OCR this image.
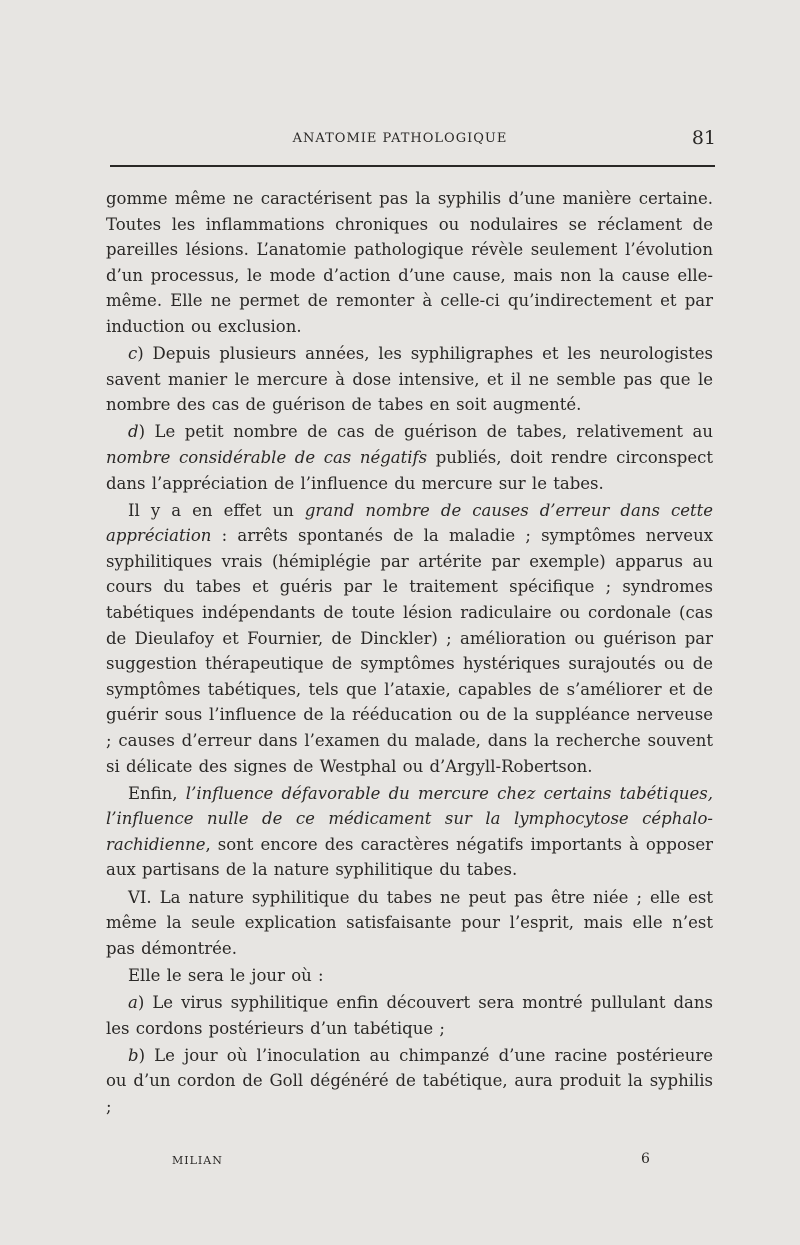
ANATOMIE PATHOLOGIQUE	81

gomme même ne caractérisent pas la syphilis d’une manière certaine. Toutes les inflammations chroniques ou nodulaires se réclament de pareilles lésions. L’anatomie pathologique révèle seulement l’évolution d’un processus, le mode d’action d’une cause, mais non la cause elle-même. Elle ne permet de remonter à celle-ci qu’indirectement et par induction ou exclusion.

c) Depuis plusieurs années, les syphiligraphes et les neurologistes savent manier le mercure à dose intensive, et il ne semble pas que le nombre des cas de guérison de tabes en soit augmenté.

d) Le petit nombre de cas de guérison de tabes, relativement au nombre considérable de cas négatifs publiés, doit rendre circonspect dans l’appréciation de l’influence du mercure sur le tabes.

Il y a en effet un grand nombre de causes d’erreur dans cette appréciation : arrêts spontanés de la maladie ; symptômes nerveux syphilitiques vrais (hémiplégie par artérite par exemple) apparus au cours du tabes et guéris par le traitement spécifique ; syndromes tabétiques indépendants de toute lésion radiculaire ou cordonale (cas de Dieulafoy et Fournier, de Dinckler) ; amélioration ou guérison par suggestion thérapeutique de symptômes hystériques surajoutés ou de symptômes tabétiques, tels que l’ataxie, capables de s’améliorer et de guérir sous l’influence de la rééducation ou de la suppléance nerveuse ; causes d’erreur dans l’examen du malade, dans la recherche souvent si délicate des signes de Westphal ou d’Argyll-Robertson.

Enfin, l’influence défavorable du mercure chez certains tabétiques, l’influence nulle de ce médicament sur la lymphocytose céphalo-rachidienne, sont encore des caractères négatifs importants à opposer aux partisans de la nature syphilitique du tabes.

VI. La nature syphilitique du tabes ne peut pas être niée ; elle est même la seule explication satisfaisante pour l’esprit, mais elle n’est pas démontrée.

Elle le sera le jour où :

a) Le virus syphilitique enfin découvert sera montré pullulant dans les cordons postérieurs d’un tabétique ;

b) Le jour où l’inoculation au chimpanzé d’une racine postérieure ou d’un cordon de Goll dégénéré de tabétique, aura produit la syphilis ;

MILIAN	6
